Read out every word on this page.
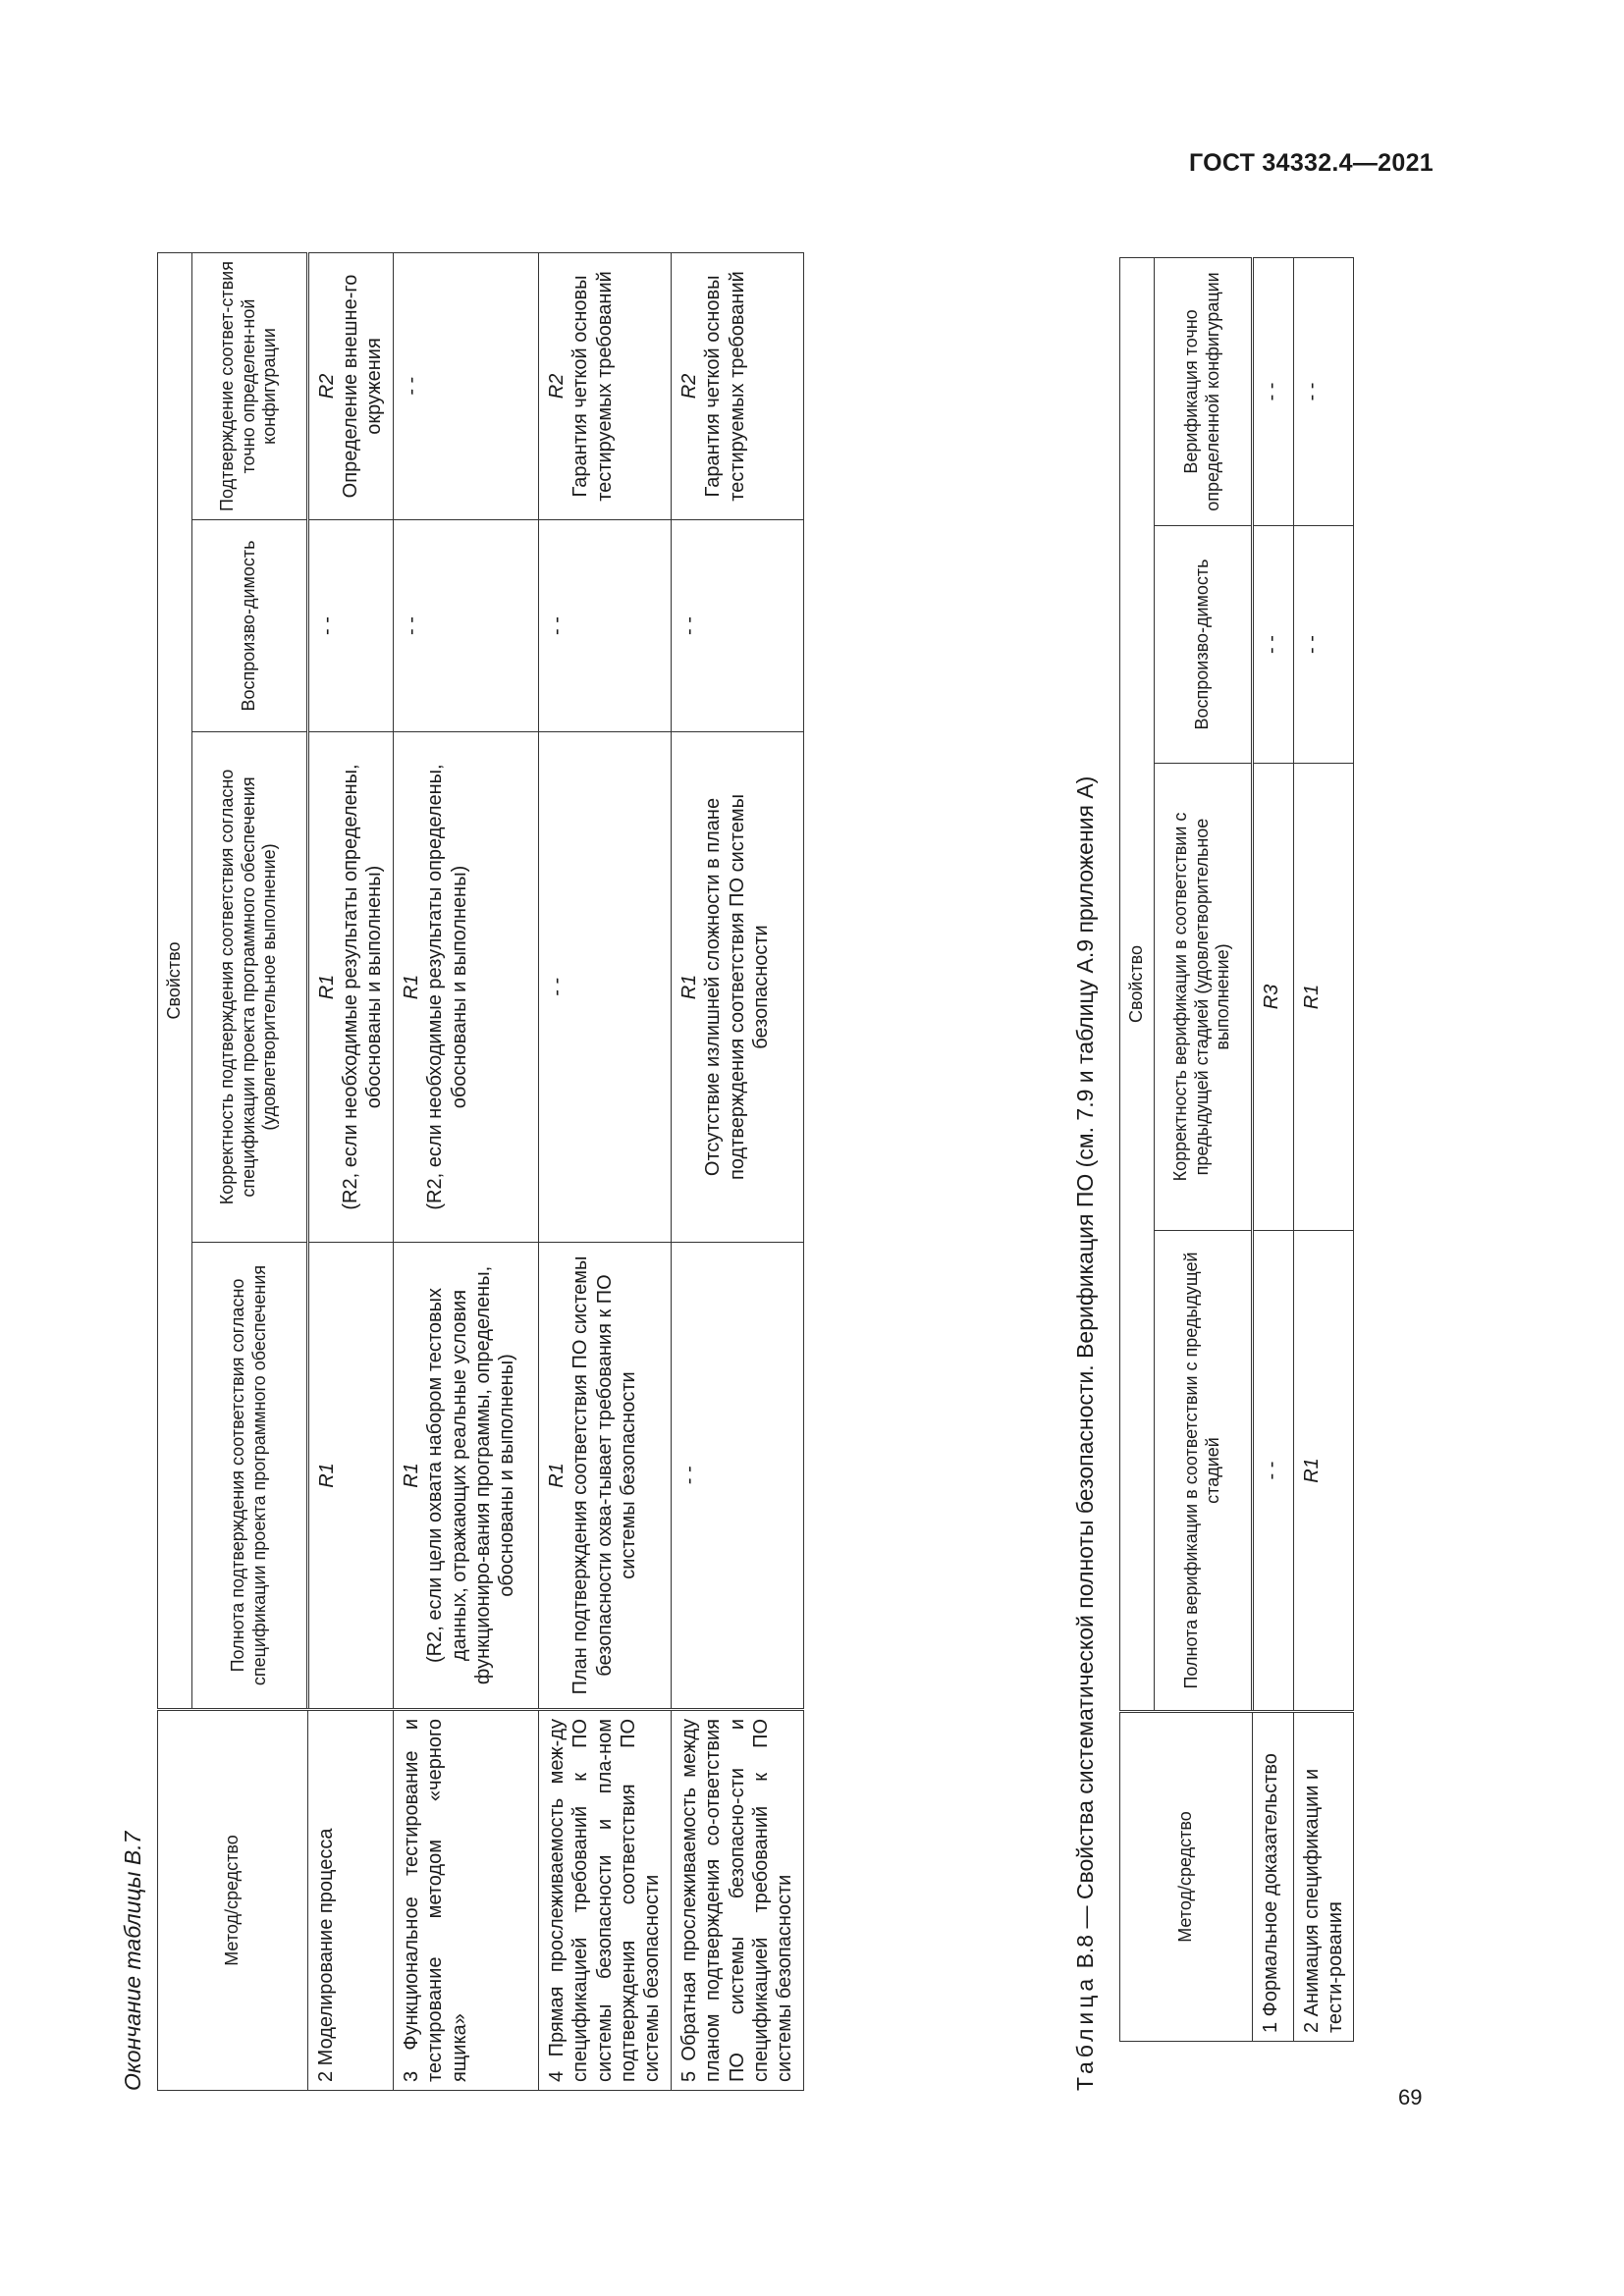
ГОСТ 34332.4—2021
69
Окончание таблицы В.7	Метод/средство	Свойство			
	Полнота подтверждения соответствия согласно спецификации проекта программного обеспечения	Корректность подтверждения соответствия согласно спецификации проекта программного обеспечения (удовлетворительное выполнение)	Воспроизво-димость	Подтверждение соответ-ствия точно определен-ной конфигурации
2 Моделирование процесса	R1	R1 (R2, если необходимые результаты определены, обоснованы и выполнены)	- -	R2 Определение внешне-го окружения

3 Функциональное тестирование и тестирование методом «черного ящика»	R1 (R2, если цели охвата набором тестовых данных, отражающих реальные условия функциониро-вания программы, определены, обоснованы и выполнены)	R1 (R2, если необходимые результаты определены, обоснованы и выполнены)	- -	- -

4 Прямая прослеживаемость меж-ду спецификацией требований к ПО системы безопасности и пла-ном подтверждения соответствия ПО системы безопасности	R1 План подтверждения соответствия ПО системы безопасности охва-тывает требования к ПО системы безопасности	- -	- -	R2 Гарантия четкой основы тестируемых требований

5 Обратная прослеживаемость между планом подтверждения со-ответствия ПО системы безопасно-сти и спецификацией требований к ПО системы безопасности	- -	R1 Отсутствие излишней сложности в плане подтверждения соответствия ПО системы безопасности	- -	R2 Гарантия четкой основы тестируемых требований
Таблица В.8 — Свойства систематической полноты безопасности. Верификация ПО (см. 7.9 и таблицу А.9 приложения А)	Метод/средство	Свойство			
	Полнота верификации в соответствии с предыдущей стадией	Корректность верификации в соответствии с предыдущей стадией (удовлетворительное выполнение)	Воспроизво-димость	Верификация точно определенной конфигурации
1 Формальное доказательство	- -	R3	- -	- -
2 Анимация спецификации и тести-рования	R1	R1	- -	- -
